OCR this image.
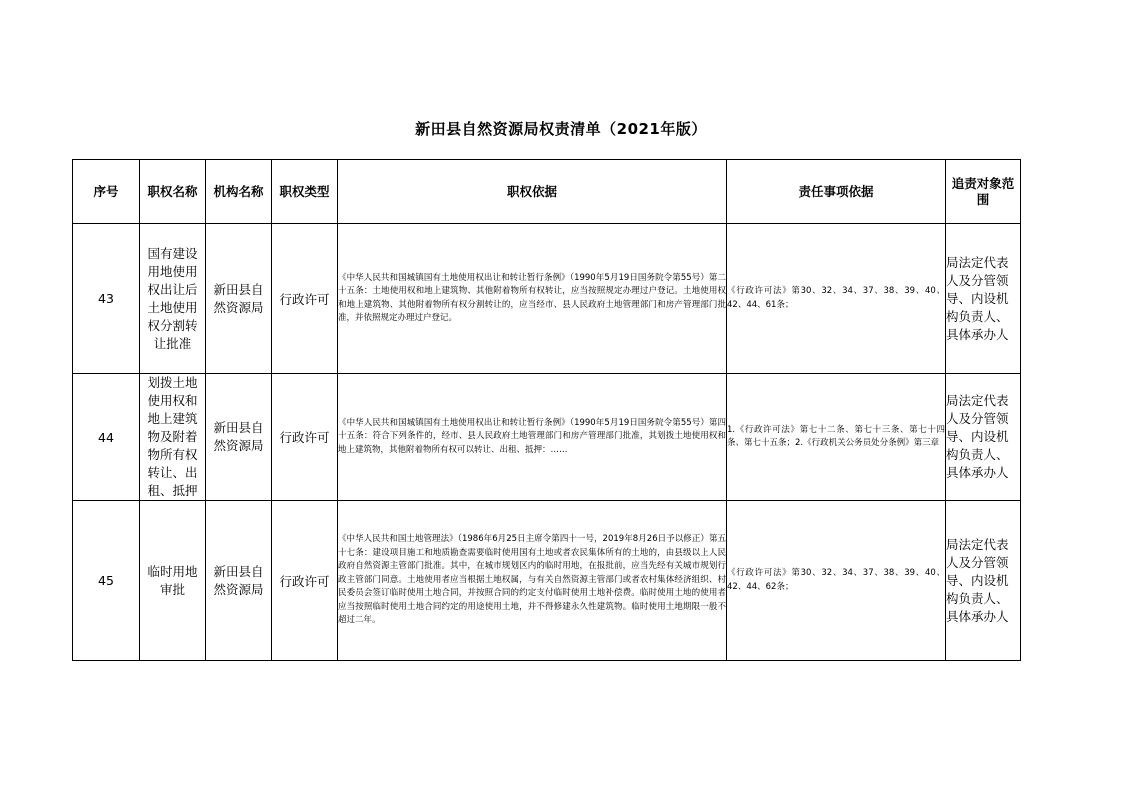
新田县自然资源局权责清单（2021年版）
序号	职权名称	机构名称	职权类型	职权依据	责任事项依据	追责对象范围
43	国有建设用地使用权出让后土地使用权分割转让批准	新田县自然资源局	行政许可	《中华人民共和国城镇国有土地使用权出让和转让暂行条例》（1990年5月19日国务院令第55号）第二十五条：土地使用权和地上建筑物、其他附着物所有权转让，应当按照规定办理过户登记。土地使用权和地上建筑物、其他附着物所有权分割转让的，应当经市、县人民政府土地管理部门和房产管理部门批准，并依照规定办理过户登记。	《行政许可法》第30、32、34、37、38、39、40、42、44、61条；	局法定代表人及分管领导、内设机构负责人、具体承办人
44	划拨土地使用权和地上建筑物及附着物所有权转让、出租、抵押	新田县自然资源局	行政许可	《中华人民共和国城镇国有土地使用权出让和转让暂行条例》（1990年5月19日国务院令第55号）第四十五条：符合下列条件的，经市、县人民政府土地管理部门和房产管理部门批准，其划拨土地使用权和地上建筑物，其他附着物所有权可以转让、出租、抵押：……	1.《行政许可法》第七十二条、第七十三条、第七十四条、第七十五条；2.《行政机关公务员处分条例》第三章	局法定代表人及分管领导、内设机构负责人、具体承办人
45	临时用地审批	新田县自然资源局	行政许可	《中华人民共和国土地管理法》（1986年6月25日主席令第四十一号，2019年8月26日予以修正）第五十七条：建设项目施工和地质勘查需要临时使用国有土地或者农民集体所有的土地的，由县级以上人民政府自然资源主管部门批准。其中，在城市规划区内的临时用地，在报批前，应当先经有关城市规划行政主管部门同意。土地使用者应当根据土地权属，与有关自然资源主管部门或者农村集体经济组织、村民委员会签订临时使用土地合同，并按照合同的约定支付临时使用土地补偿费。临时使用土地的使用者应当按照临时使用土地合同约定的用途使用土地，并不得修建永久性建筑物。临时使用土地期限一般不超过二年。	《行政许可法》第30、32、34、37、38、39、40、42、44、62条；	局法定代表人及分管领导、内设机构负责人、具体承办人
